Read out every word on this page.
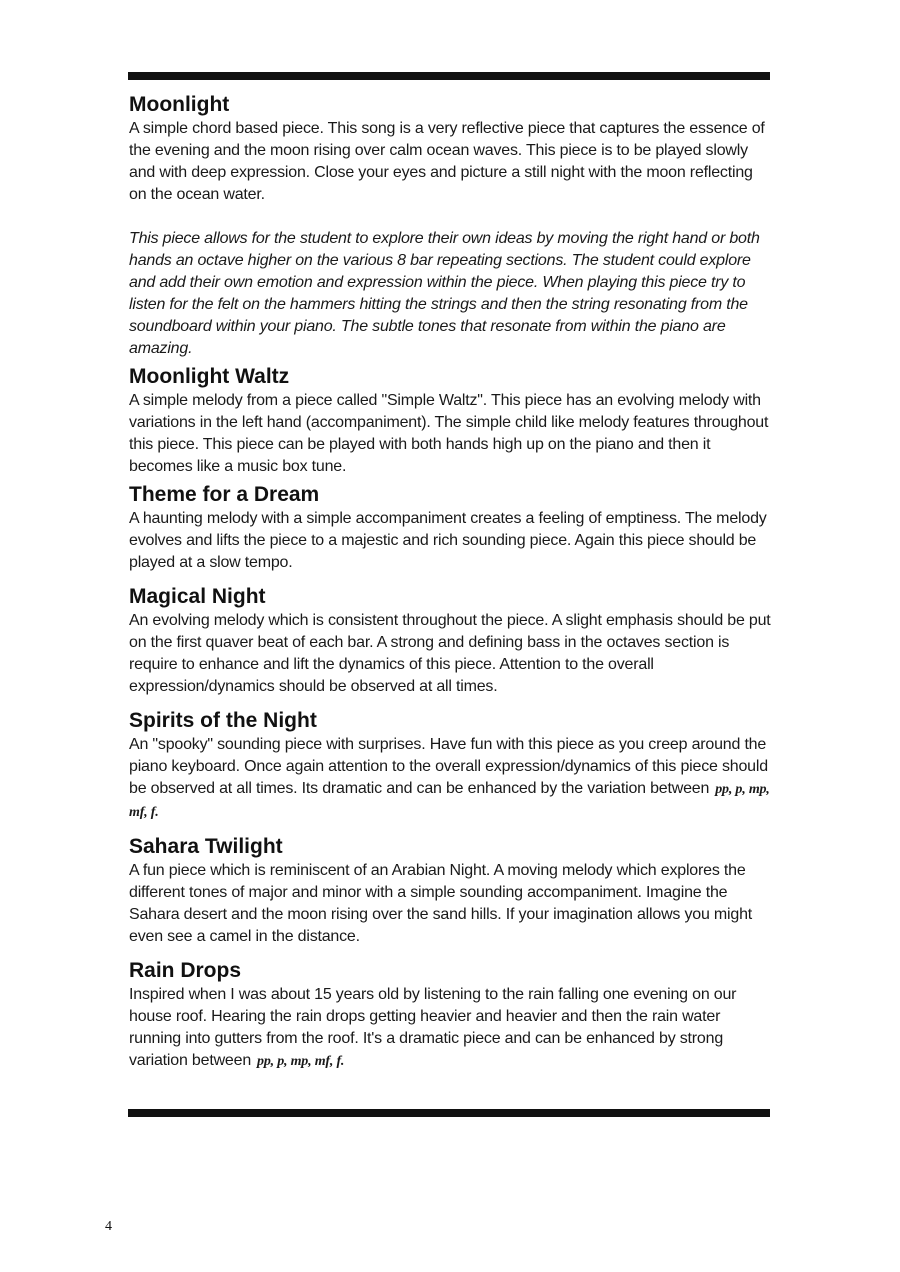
Moonlight

A simple chord based piece. This song is a very reflective piece that captures the essence of the evening and the moon rising over calm ocean waves. This piece is to be played slowly and with deep expression. Close your eyes and picture a still night with the moon reflecting on the ocean water.

This piece allows for the student to explore their own ideas by moving the right hand or both hands an octave higher on the various 8 bar repeating sections. The student could explore and add their own emotion and expression within the piece. When playing this piece try to listen for the felt on the hammers hitting the strings and then the string resonating from the soundboard within your piano. The subtle tones that resonate from within the piano are amazing.

Moonlight Waltz

A simple melody from a piece called "Simple Waltz". This piece has an evolving melody with variations in the left hand (accompaniment). The simple child like melody features throughout this piece. This piece can be played with both hands high up on the piano and then it becomes like a music box tune.

Theme for a Dream

A haunting melody with a simple accompaniment creates a feeling of emptiness. The melody evolves and lifts the piece to a majestic and rich sounding piece. Again this piece should be played at a slow tempo.

Magical Night

An evolving melody which is consistent throughout the piece. A slight emphasis should be put on the first quaver beat of each bar. A strong and defining bass in the octaves section is require to enhance and lift the dynamics of this piece. Attention to the overall expression/dynamics should be observed at all times.

Spirits of the Night

An "spooky" sounding piece with surprises. Have fun with this piece as you creep around the piano keyboard. Once again attention to the overall expression/dynamics of this piece should be observed at all times. Its dramatic and can be enhanced by the variation between pp, p, mp, mf, f.

Sahara Twilight

A fun piece which is reminiscent of an Arabian Night. A moving melody which explores the different tones of major and minor with a simple sounding accompaniment. Imagine the Sahara desert and the moon rising over the sand hills. If your imagination allows you might even see a camel in the distance.

Rain Drops

Inspired when I was about 15 years old by listening to the rain falling one evening on our house roof. Hearing the rain drops getting heavier and heavier and then the rain water running into gutters from the roof. It's a dramatic piece and can be enhanced by strong variation between pp, p, mp, mf, f.

4
